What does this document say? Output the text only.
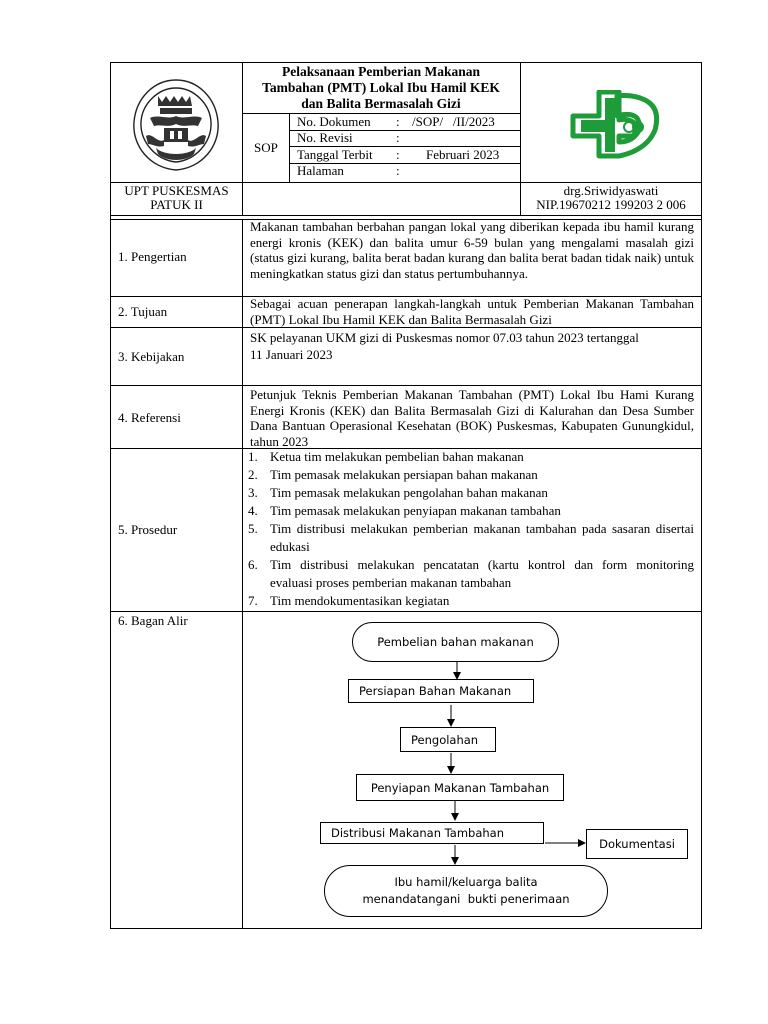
Pelaksanaan Pemberian Makanan Tambahan (PMT) Lokal Ibu Hamil KEK dan Balita Bermasalah Gizi
SOP
No. Dokumen : /SOP/   /II/2023
No. Revisi	:
Tanggal Terbit : Februari 2023
Halaman	:
UPT PUSKESMAS
PATUK II
drg.Sriwidyaswati
NIP.19670212 199203 2 006
1. Pengertian
Makanan tambahan berbahan pangan lokal yang diberikan kepada ibu hamil kurang energi kronis (KEK) dan balita umur 6-59 bulan yang mengalami masalah gizi (status gizi kurang, balita berat badan kurang dan balita berat badan tidak naik) untuk meningkatkan status gizi dan status pertumbuhannya.
2. Tujuan
Sebagai acuan penerapan langkah-langkah untuk Pemberian Makanan Tambahan (PMT) Lokal Ibu Hamil KEK dan Balita Bermasalah Gizi
3. Kebijakan
SK pelayanan UKM gizi di Puskesmas nomor 07.03 tahun 2023 tertanggal 11 Januari 2023
4. Referensi
Petunjuk Teknis Pemberian Makanan Tambahan (PMT) Lokal Ibu Hami Kurang Energi Kronis (KEK) dan Balita Bermasalah Gizi di Kalurahan dan Desa Sumber Dana Bantuan Operasional Kesehatan (BOK) Puskesmas, Kabupaten Gunungkidul, tahun 2023
5. Prosedur
1. Ketua tim melakukan pembelian bahan makanan
2. Tim pemasak melakukan persiapan bahan makanan
3. Tim pemasak melakukan pengolahan bahan makanan
4. Tim pemasak melakukan penyiapan makanan tambahan
5. Tim distribusi melakukan pemberian makanan tambahan pada sasaran disertai edukasi
6. Tim distribusi melakukan pencatatan (kartu kontrol dan form monitoring evaluasi proses pemberian makanan tambahan
7. Tim mendokumentasikan kegiatan
6. Bagan Alir
Pembelian bahan makanan
Persiapan Bahan Makanan
Pengolahan
Penyiapan Makanan Tambahan
Distribusi Makanan Tambahan
Dokumentasi
Ibu hamil/keluarga balita
menandatangani  bukti penerimaan
